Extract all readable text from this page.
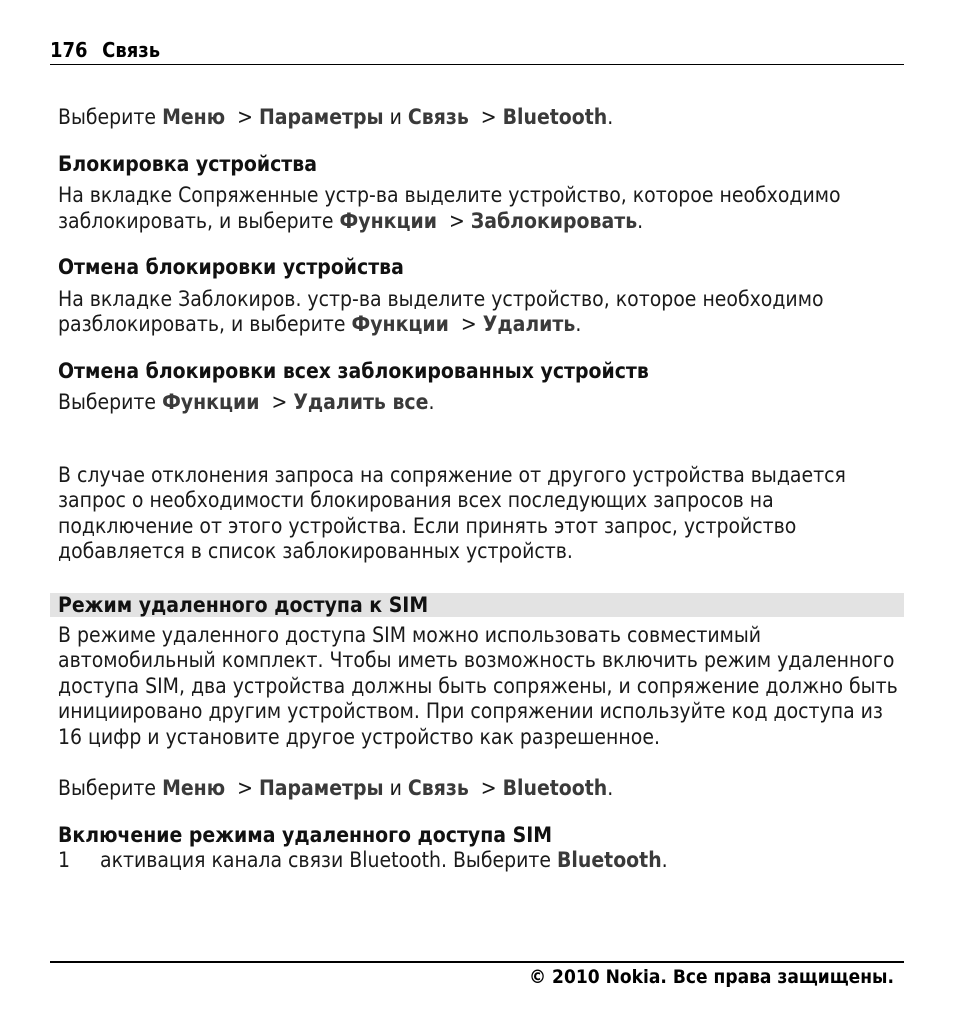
176 Связь

Выберите Меню > Параметры и Связь > Bluetooth.

Блокировка устройства

На вкладке Сопряженные устр-ва выделите устройство, которое необходимо заблокировать, и выберите Функции > Заблокировать.

Отмена блокировки устройства

На вкладке Заблокиров. устр-ва выделите устройство, которое необходимо разблокировать, и выберите Функции > Удалить.

Отмена блокировки всех заблокированных устройств

Выберите Функции > Удалить все.

В случае отклонения запроса на сопряжение от другого устройства выдается запрос о необходимости блокирования всех последующих запросов на подключение от этого устройства. Если принять этот запрос, устройство добавляется в список заблокированных устройств.

Режим удаленного доступа к SIM

В режиме удаленного доступа SIM можно использовать совместимый автомобильный комплект. Чтобы иметь возможность включить режим удаленного доступа SIM, два устройства должны быть сопряжены, и сопряжение должно быть инициировано другим устройством. При сопряжении используйте код доступа из 16 цифр и установите другое устройство как разрешенное.

Выберите Меню > Параметры и Связь > Bluetooth.

Включение режима удаленного доступа SIM
1	активация канала связи Bluetooth. Выберите Bluetooth.
© 2010 Nokia. Все права защищены.
